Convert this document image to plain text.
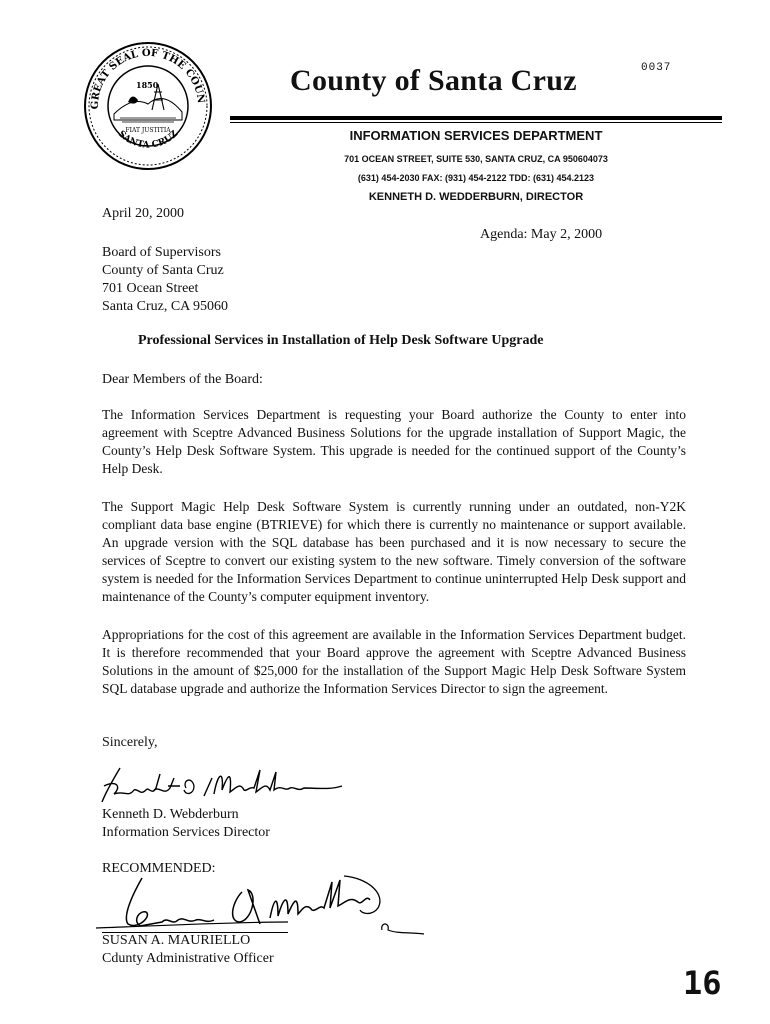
GREAT SEAL OF THE COUN
SANTA CRUZ
1850
FIAT JUSTITIA
County of Santa Cruz	0037
INFORMATION SERVICES DEPARTMENT
701 OCEAN STREET, SUITE 530, SANTA CRUZ, CA 950604073
(631) 454-2030 FAX: (931) 454-2122 TDD: (631) 454.2123
KENNETH D. WEDDERBURN, DIRECTOR
April 20, 2000
Agenda: May 2, 2000
Board of Supervisors
County of Santa Cruz
701 Ocean Street
Santa Cruz, CA 95060
Professional Services in Installation of Help Desk Software Upgrade
Dear Members of the Board:
The Information Services Department is requesting your Board authorize the County to enter into agreement with Sceptre Advanced Business Solutions for the upgrade installation of Support Magic, the County’s Help Desk Software System. This upgrade is needed for the continued support of the County’s Help Desk.
The Support Magic Help Desk Software System is currently running under an outdated, non-Y2K compliant data base engine (BTRIEVE) for which there is currently no maintenance or support available. An upgrade version with the SQL database has been purchased and it is now necessary to secure the services of Sceptre to convert our existing system to the new software. Timely conversion of the software system is needed for the Information Services Department to continue uninterrupted Help Desk support and maintenance of the County’s computer equipment inventory.
Appropriations for the cost of this agreement are available in the Information Services Department budget. It is therefore recommended that your Board approve the agreement with Sceptre Advanced Business Solutions in the amount of $25,000 for the installation of the Support Magic Help Desk Software System SQL database upgrade and authorize the Information Services Director to sign the agreement.
Sincerely,
Kenneth D. Webderburn
Information Services Director
RECOMMENDED:
SUSAN A. MAURIELLO
Cdunty Administrative Officer
16
